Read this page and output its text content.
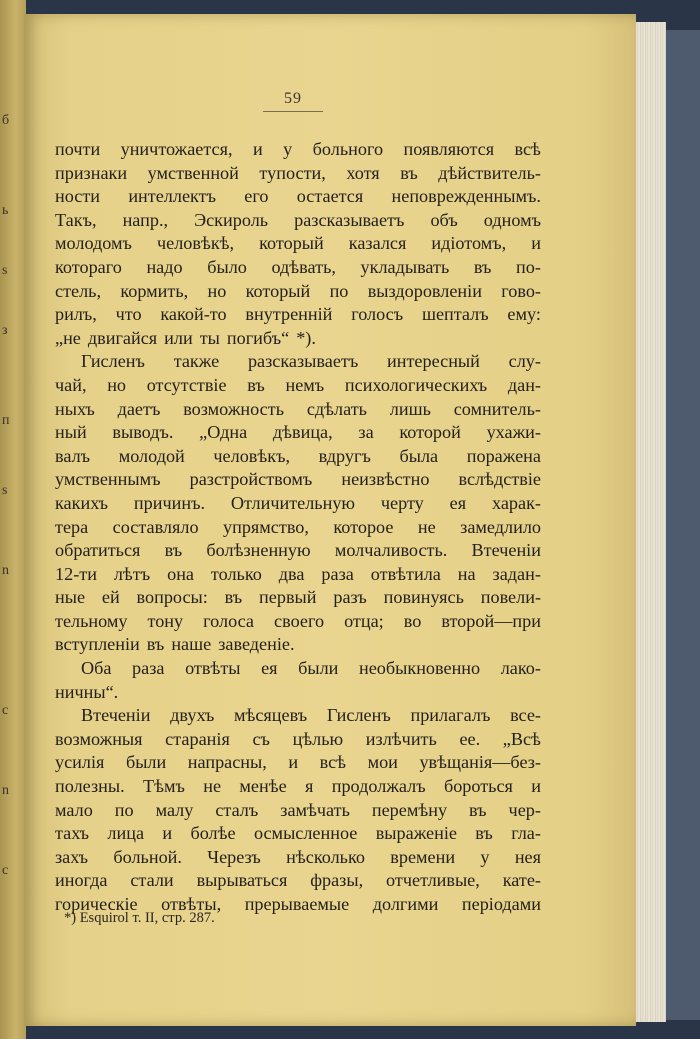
б
ь
s
з
п
s
n
с
n
с
59
почти уничтожается, и у больного появляются всѣ
признаки умственной тупости, хотя въ дѣйствитель-
ности интеллектъ его остается неповрежденнымъ.
Такъ, напр., Эскироль разсказываетъ объ одномъ
молодомъ человѣкѣ, который казался идіотомъ, и
котораго надо было одѣвать, укладывать въ по-
стель, кормить, но который по выздоровленіи гово-
рилъ, что какой-то внутренній голосъ шепталъ ему:
„не двигайся или ты погибъ“ *).
Гисленъ также разсказываетъ интересный слу-
чай, но отсутствіе въ немъ психологическихъ дан-
ныхъ даетъ возможность сдѣлать лишь сомнитель-
ный выводъ. „Одна дѣвица, за которой ухажи-
валъ молодой человѣкъ, вдругъ была поражена
умственнымъ разстройствомъ неизвѣстно вслѣдствіе
какихъ причинъ. Отличительную черту ея харак-
тера составляло упрямство, которое не замедлило
обратиться въ болѣзненную молчаливость. Втеченіи
12-ти лѣтъ она только два раза отвѣтила на задан-
ные ей вопросы: въ первый разъ повинуясь повели-
тельному тону голоса своего отца; во второй—при
вступленіи въ наше заведеніе.
Оба раза отвѣты ея были необыкновенно лако-
ничны“.
Втеченіи двухъ мѣсяцевъ Гисленъ прилагалъ все-
возможныя старанія съ цѣлью излѣчить ее. „Всѣ
усилія были напрасны, и всѣ мои увѣщанія—без-
полезны. Тѣмъ не менѣе я продолжалъ бороться и
мало по малу сталъ замѣчать перемѣну въ чер-
тахъ лица и болѣе осмысленное выраженіе въ гла-
захъ больной. Черезъ нѣсколько времени у нея
иногда стали вырываться фразы, отчетливые, кате-
горическіе отвѣты, прерываемые долгими періодами
*) Esquirol т. II, стр. 287.
